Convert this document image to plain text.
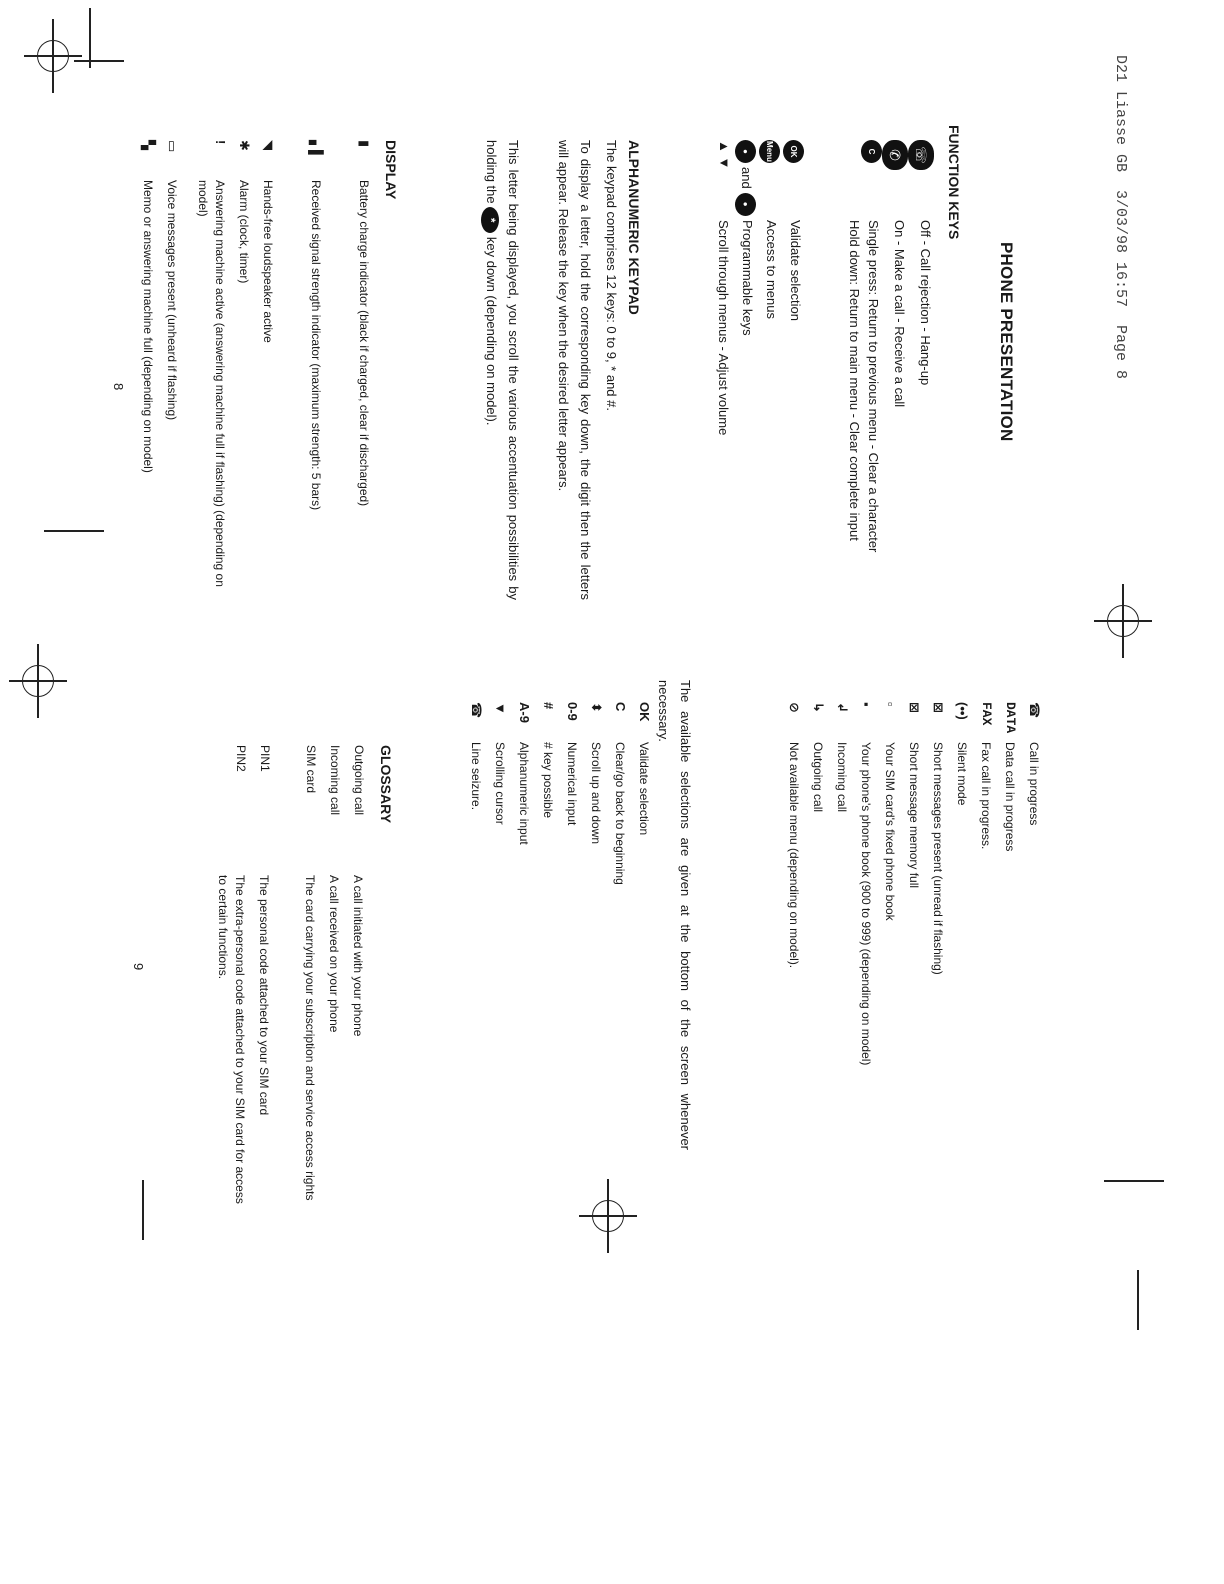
D21 Liasse GB  3/03/98 16:57  Page 8
PHONE PRESENTATION
FUNCTION KEYS
☏
Off - Call rejection - Hang-up
✆
On - Make a call - Receive a call
C
Single press: Return to previous menu - Clear a character
Hold down: Return to main menu - Clear complete input
OK
Validate selection
Menu
Access to menus
●
and
●
Programmable keys
▲ ▼
Scroll through menus - Adjust volume
ALPHANUMERIC KEYPAD
The keypad comprises 12 keys: 0 to 9, * and #.
To display a letter, hold the corresponding key down, the digit then the letters will appear. Release the key when the desired letter appears.
This letter being displayed, you scroll the various accentuation possibilities by holding the * key down (depending on model).
DISPLAY
▮
Battery charge indicator (black if charged, clear if discharged)
▖▌
Received signal strength indicator (maximum strength: 5 bars)
◥
Hands-free loudspeaker active
✱
Alarm (clock, timer)
!
Answering machine active (answering machine full if flashing) (depending on model)
▭
Voice messages present (unheard if flashing)
▚
Memo or answering machine full (depending on model)
8
☎
Call in progress
DATA
Data call in progress
FAX
Fax call in progress.
(••)
Silent mode
⊠
Short messages present (unread if flashing)
⊠
Short message memory full
▫
Your SIM card's fixed phone book
▪
Your phone's phone book (900 to 999) (depending on model)
↲
Incoming call
↳
Outgoing call
⊘
Not available menu (depending on model).
The available selections are given at the bottom of the screen whenever necessary.
OK
Validate selection
C
Clear/go back to beginning
⬍
Scroll up and down
0-9
Numerical input
#
# key possible
A-9
Alphanumeric input
▼
Scrolling cursor
☎
Line seizure.
GLOSSARY
Outgoing call
A call initiated with your phone
Incoming call
A call received on your phone
SIM card
The card carrying your subscription and service access rights
PIN1
The personal code attached to your SIM card
PIN2
The extra-personal code attached to your SIM card for access to certain functions.
9
